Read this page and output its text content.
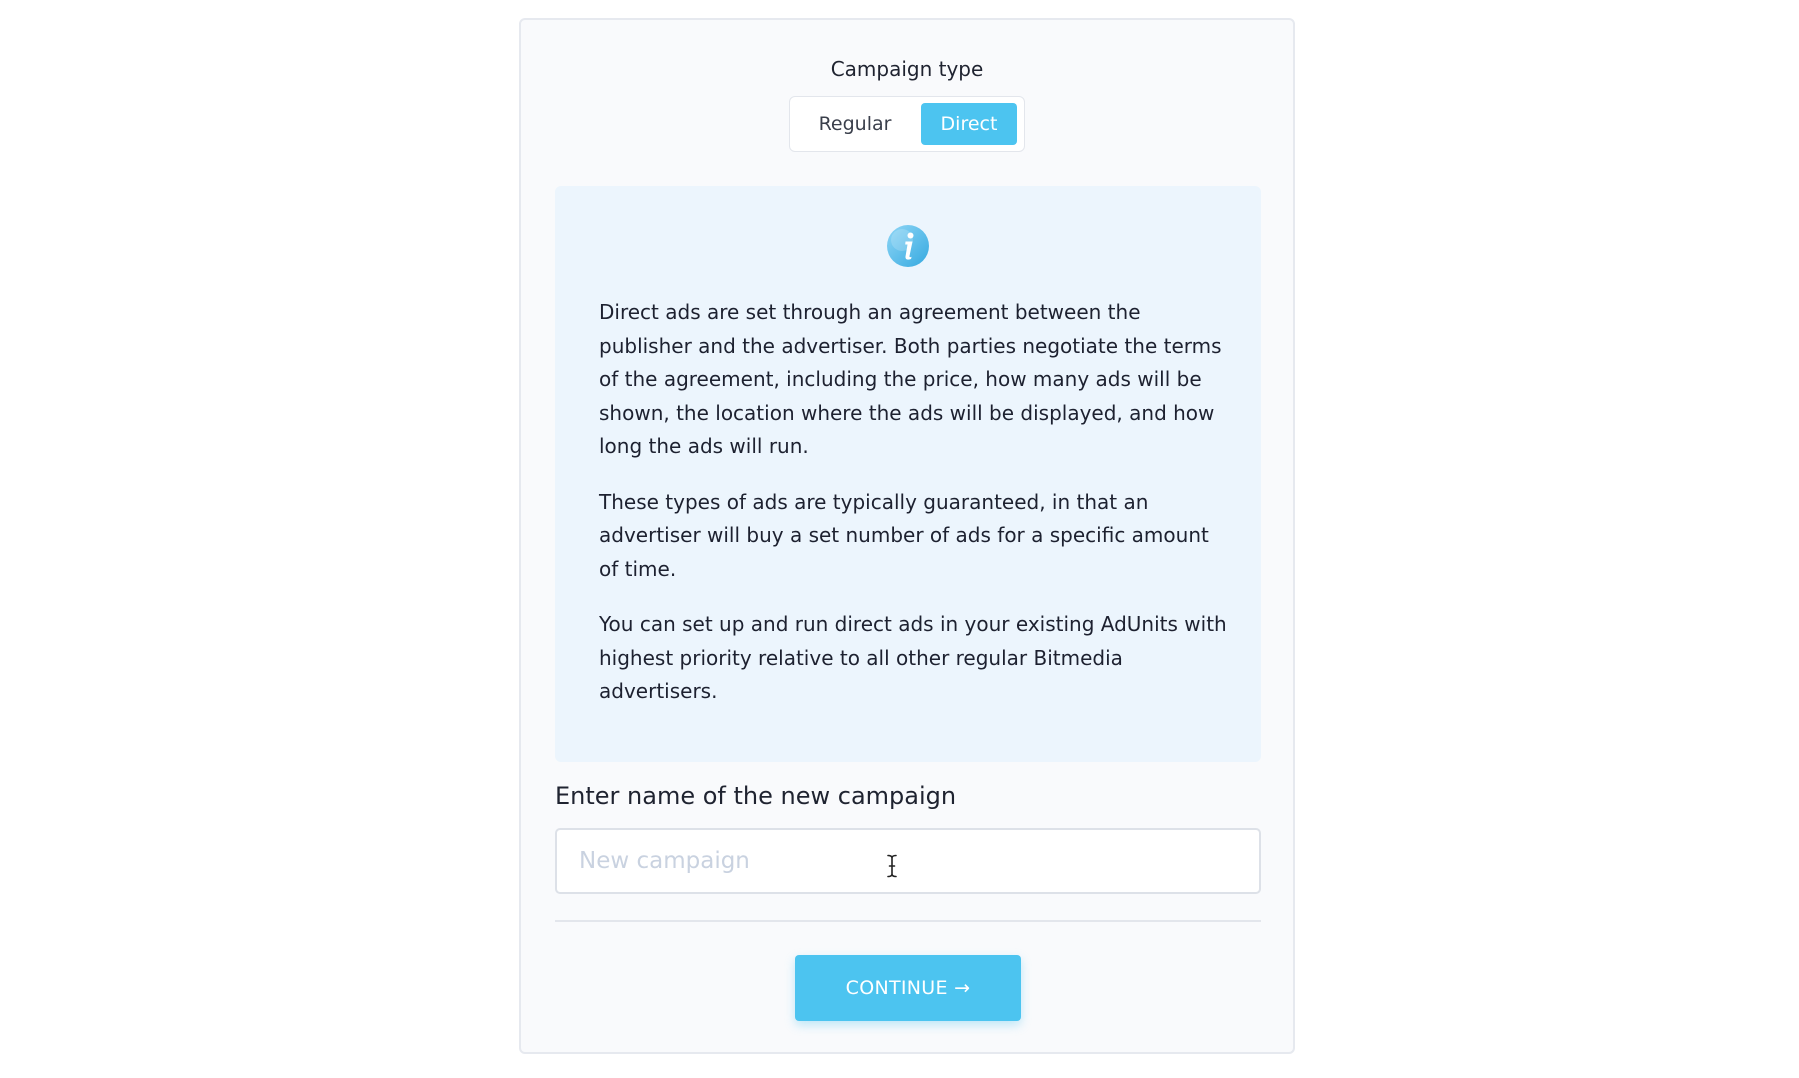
Campaign type
Regular	Direct

Direct ads are set through an agreement between the publisher and the advertiser. Both parties negotiate the terms of the agreement, including the price, how many ads will be shown, the location where the ads will be displayed, and how long the ads will run.

These types of ads are typically guaranteed, in that an advertiser will buy a set number of ads for a specific amount of time.

You can set up and run direct ads in your existing AdUnits with highest priority relative to all other regular Bitmedia advertisers.

Enter name of the new campaign
New campaign
CONTINUE →
